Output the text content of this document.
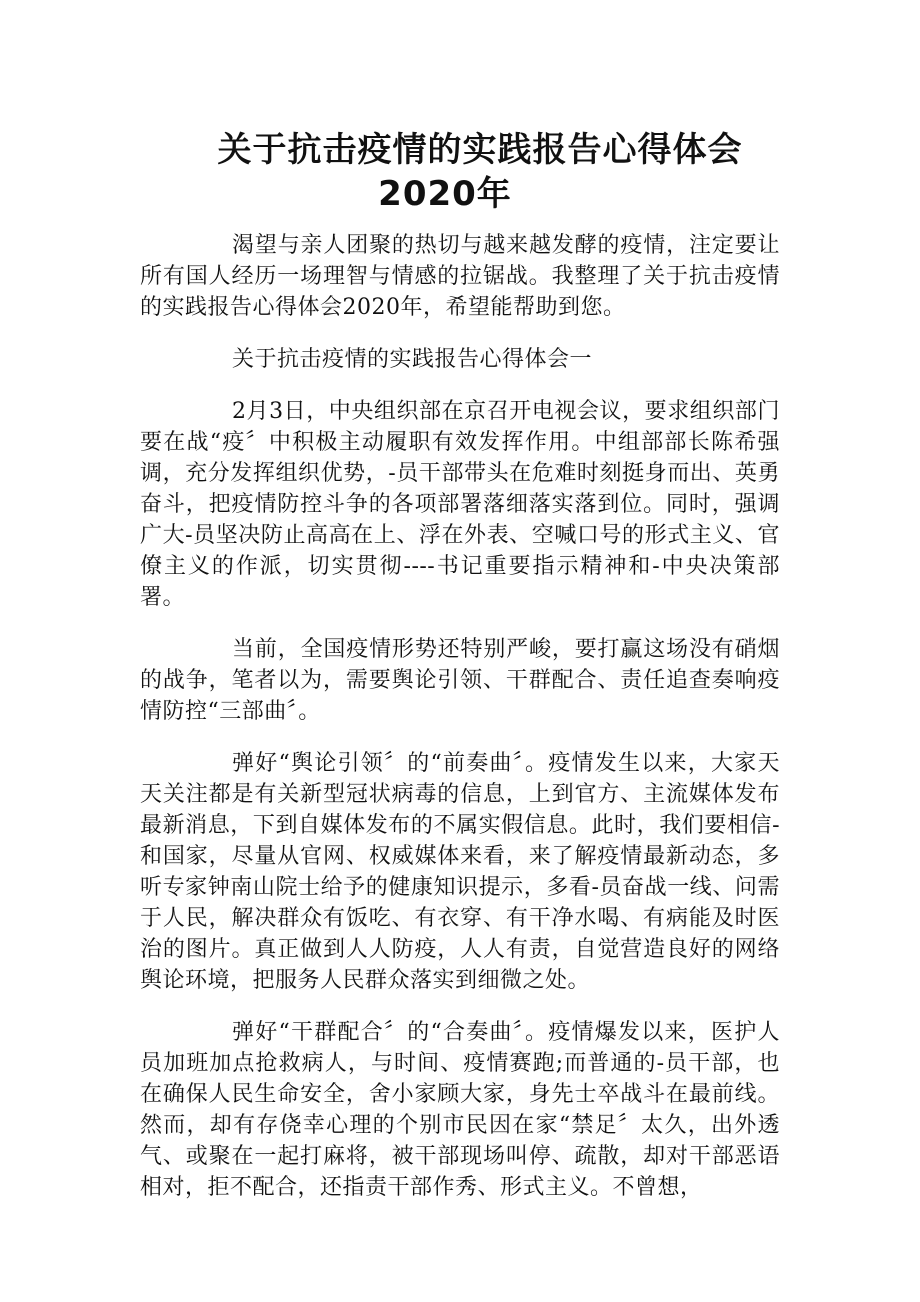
关于抗击疫情的实践报告心得体会
2020年

渴望与亲人团聚的热切与越来越发酵的疫情，注定要让所有国人经历一场理智与情感的拉锯战。我整理了关于抗击疫情的实践报告心得体会2020年，希望能帮助到您。

关于抗击疫情的实践报告心得体会一

2月3日，中央组织部在京召开电视会议，要求组织部门要在战“疫〞中积极主动履职有效发挥作用。中组部部长陈希强调，充分发挥组织优势，-员干部带头在危难时刻挺身而出、英勇奋斗，把疫情防控斗争的各项部署落细落实落到位。同时，强调广大-员坚决防止高高在上、浮在外表、空喊口号的形式主义、官僚主义的作派，切实贯彻----书记重要指示精神和-中央决策部署。

当前，全国疫情形势还特别严峻，要打赢这场没有硝烟的战争，笔者以为，需要舆论引领、干群配合、责任追查奏响疫情防控“三部曲〞。

弹好“舆论引领〞的“前奏曲〞。疫情发生以来，大家天天关注都是有关新型冠状病毒的信息，上到官方、主流媒体发布最新消息，下到自媒体发布的不属实假信息。此时，我们要相信-和国家，尽量从官网、权威媒体来看，来了解疫情最新动态，多听专家钟南山院士给予的健康知识提示，多看-员奋战一线、问需于人民，解决群众有饭吃、有衣穿、有干净水喝、有病能及时医治的图片。真正做到人人防疫，人人有责，自觉营造良好的网络舆论环境，把服务人民群众落实到细微之处。

弹好“干群配合〞的“合奏曲〞。疫情爆发以来，医护人员加班加点抢救病人，与时间、疫情赛跑;而普通的-员干部，也在确保人民生命安全，舍小家顾大家，身先士卒战斗在最前线。然而，却有存侥幸心理的个别市民因在家“禁足〞太久，出外透气、或聚在一起打麻将，被干部现场叫停、疏散，却对干部恶语相对，拒不配合，还指责干部作秀、形式主义。不曾想，
